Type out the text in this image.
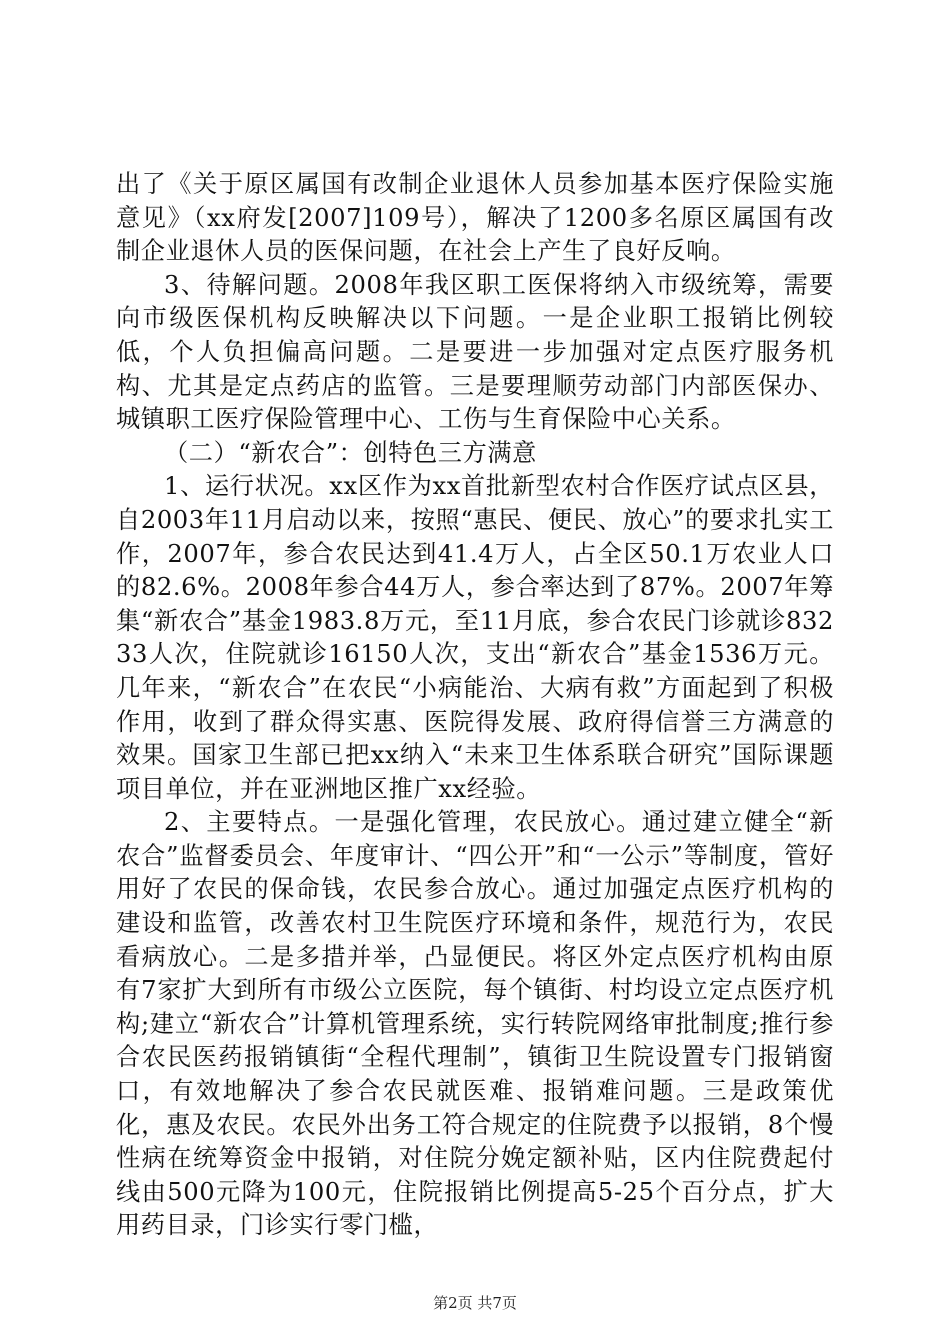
出了《关于原区属国有改制企业退休人员参加基本医疗保险实施意见》（xx府发[2007]109号），解决了1200多名原区属国有改制企业退休人员的医保问题，在社会上产生了良好反响。

3、待解问题。2008年我区职工医保将纳入市级统筹，需要向市级医保机构反映解决以下问题。一是企业职工报销比例较低，个人负担偏高问题。二是要进一步加强对定点医疗服务机构、尤其是定点药店的监管。三是要理顺劳动部门内部医保办、城镇职工医疗保险管理中心、工伤与生育保险中心关系。

（二）“新农合”：创特色三方满意

1、运行状况。xx区作为xx首批新型农村合作医疗试点区县，自2003年11月启动以来，按照“惠民、便民、放心”的要求扎实工作，2007年，参合农民达到41.4万人，占全区50.1万农业人口的82.6%。2008年参合44万人，参合率达到了87%。2007年筹集“新农合”基金1983.8万元，至11月底，参合农民门诊就诊83233人次，住院就诊16150人次，支出“新农合”基金1536万元。几年来，“新农合”在农民“小病能治、大病有救”方面起到了积极作用，收到了群众得实惠、医院得发展、政府得信誉三方满意的效果。国家卫生部已把xx纳入“未来卫生体系联合研究”国际课题项目单位，并在亚洲地区推广xx经验。

2、主要特点。一是强化管理，农民放心。通过建立健全“新农合”监督委员会、年度审计、“四公开”和“一公示”等制度，管好用好了农民的保命钱，农民参合放心。通过加强定点医疗机构的建设和监管，改善农村卫生院医疗环境和条件，规范行为，农民看病放心。二是多措并举，凸显便民。将区外定点医疗机构由原有7家扩大到所有市级公立医院，每个镇街、村均设立定点医疗机构;建立“新农合”计算机管理系统，实行转院网络审批制度;推行参合农民医药报销镇街“全程代理制”，镇街卫生院设置专门报销窗口，有效地解决了参合农民就医难、报销难问题。三是政策优化，惠及农民。农民外出务工符合规定的住院费予以报销，8个慢性病在统筹资金中报销，对住院分娩定额补贴，区内住院费起付线由500元降为100元，住院报销比例提高5-25个百分点，扩大用药目录，门诊实行零门槛，

第2页 共7页
